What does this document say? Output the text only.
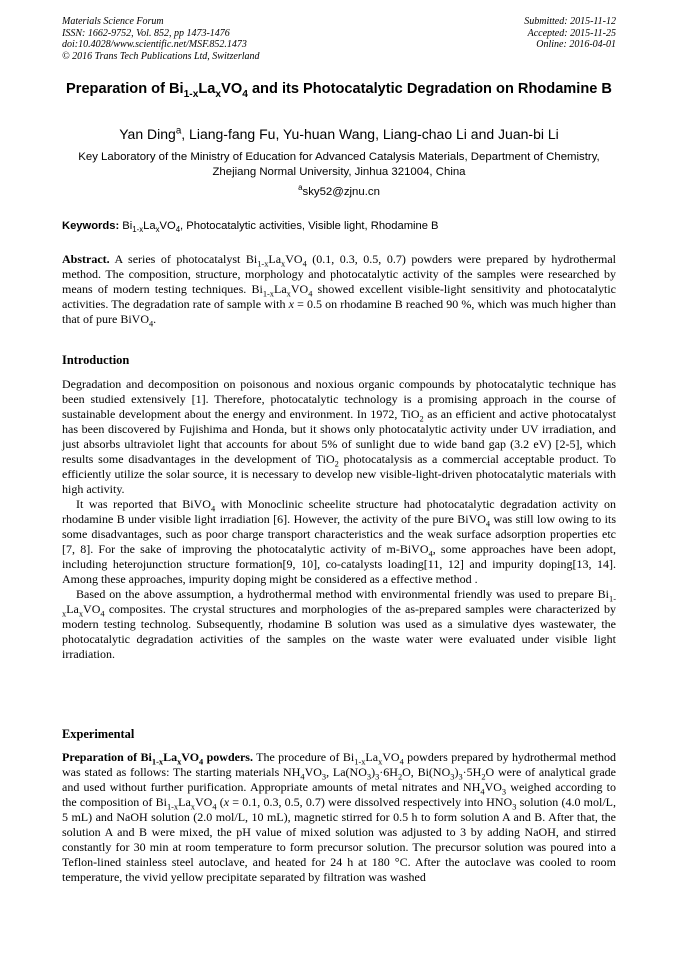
Materials Science Forum
ISSN: 1662-9752, Vol. 852, pp 1473-1476
doi:10.4028/www.scientific.net/MSF.852.1473
© 2016 Trans Tech Publications Ltd, Switzerland
Submitted: 2015-11-12
Accepted: 2015-11-25
Online: 2016-04-01
Preparation of $Bi_{1-x}La_xVO_4$ and its Photocatalytic Degradation on Rhodamine B
Yan Ding$^a$, Liang-fang Fu, Yu-huan Wang, Liang-chao Li and Juan-bi Li
Key Laboratory of the Ministry of Education for Advanced Catalysis Materials, Department of Chemistry, Zhejiang Normal University, Jinhua 321004, China
$^a$sky52@zjnu.cn
Keywords: $Bi_{1-x}La_xVO_4$, Photocatalytic activities, Visible light, Rhodamine B

Abstract. A series of photocatalyst $Bi_{1-x}La_xVO_4$ (0.1, 0.3, 0.5, 0.7) powders were prepared by hydrothermal method. The composition, structure, morphology and photocatalytic activity of the samples were researched by means of modern testing techniques. $Bi_{1-x}La_xVO_4$ showed excellent visible-light sensitivity and photocatalytic activities. The degradation rate of sample with x = 0.5 on rhodamine B reached 90 %, which was much higher than that of pure BiVO$_4$.

Introduction

Degradation and decomposition on poisonous and noxious organic compounds by photocatalytic technique has been studied extensively [1]. Therefore, photocatalytic technology is a promising approach in the course of sustainable development about the energy and environment. In 1972, TiO$_2$ as an efficient and active photocatalyst has been discovered by Fujishima and Honda, but it shows only photocatalytic activity under UV irradiation, and just absorbs ultraviolet light that accounts for about 5% of sunlight due to wide band gap (3.2 eV) [2-5], which results some disadvantages in the development of TiO$_2$ photocatalysis as a commercial acceptable product. To efficiently utilize the solar source, it is necessary to develop new visible-light-driven photocatalytic materials with high activity.

It was reported that BiVO$_4$ with Monoclinic scheelite structure had photocatalytic degradation activity on rhodamine B under visible light irradiation [6]. However, the activity of the pure BiVO$_4$ was still low owing to its some disadvantages, such as poor charge transport characteristics and the weak surface adsorption properties etc [7, 8]. For the sake of improving the photocatalytic activity of m-BiVO$_4$, some approaches have been adopt, including heterojunction structure formation[9, 10], co-catalysts loading[11, 12] and impurity doping[13, 14]. Among these approaches, impurity doping might be considered as a effective method .

Based on the above assumption, a hydrothermal method with environmental friendly was used to prepare $Bi_{1-x}La_xVO_4$ composites. The crystal structures and morphologies of the as-prepared samples were characterized by modern testing technolog. Subsequently, rhodamine B solution was used as a simulative dyes wastewater, the photocatalytic degradation activities of the samples on the waste water were evaluated under visible light irradiation.

Experimental

Preparation of $Bi_{1-x}La_xVO_4$ powders. The procedure of $Bi_{1-x}La_xVO_4$ powders prepared by hydrothermal method was stated as follows: The starting materials $NH_4VO_3$, $La(NO_3)_3\cdot 6H_2O$, $Bi(NO_3)_3\cdot 5H_2O$ were of analytical grade and used without further purification. Appropriate amounts of metal nitrates and $NH_4VO_3$ weighed according to the composition of $Bi_{1-x}La_xVO_4$ (x = 0.1, 0.3, 0.5, 0.7) were dissolved respectively into $HNO_3$ solution (4.0 mol/L, 5 mL) and NaOH solution (2.0 mol/L, 10 mL), magnetic stirred for 0.5 h to form solution A and B. After that, the solution A and B were mixed, the pH value of mixed solution was adjusted to 3 by adding NaOH, and stirred constantly for 30 min at room temperature to form precursor solution. The precursor solution was poured into a Teflon-lined stainless steel autoclave, and heated for 24 h at 180 °C. After the autoclave was cooled to room temperature, the vivid yellow precipitate separated by filtration was washed
